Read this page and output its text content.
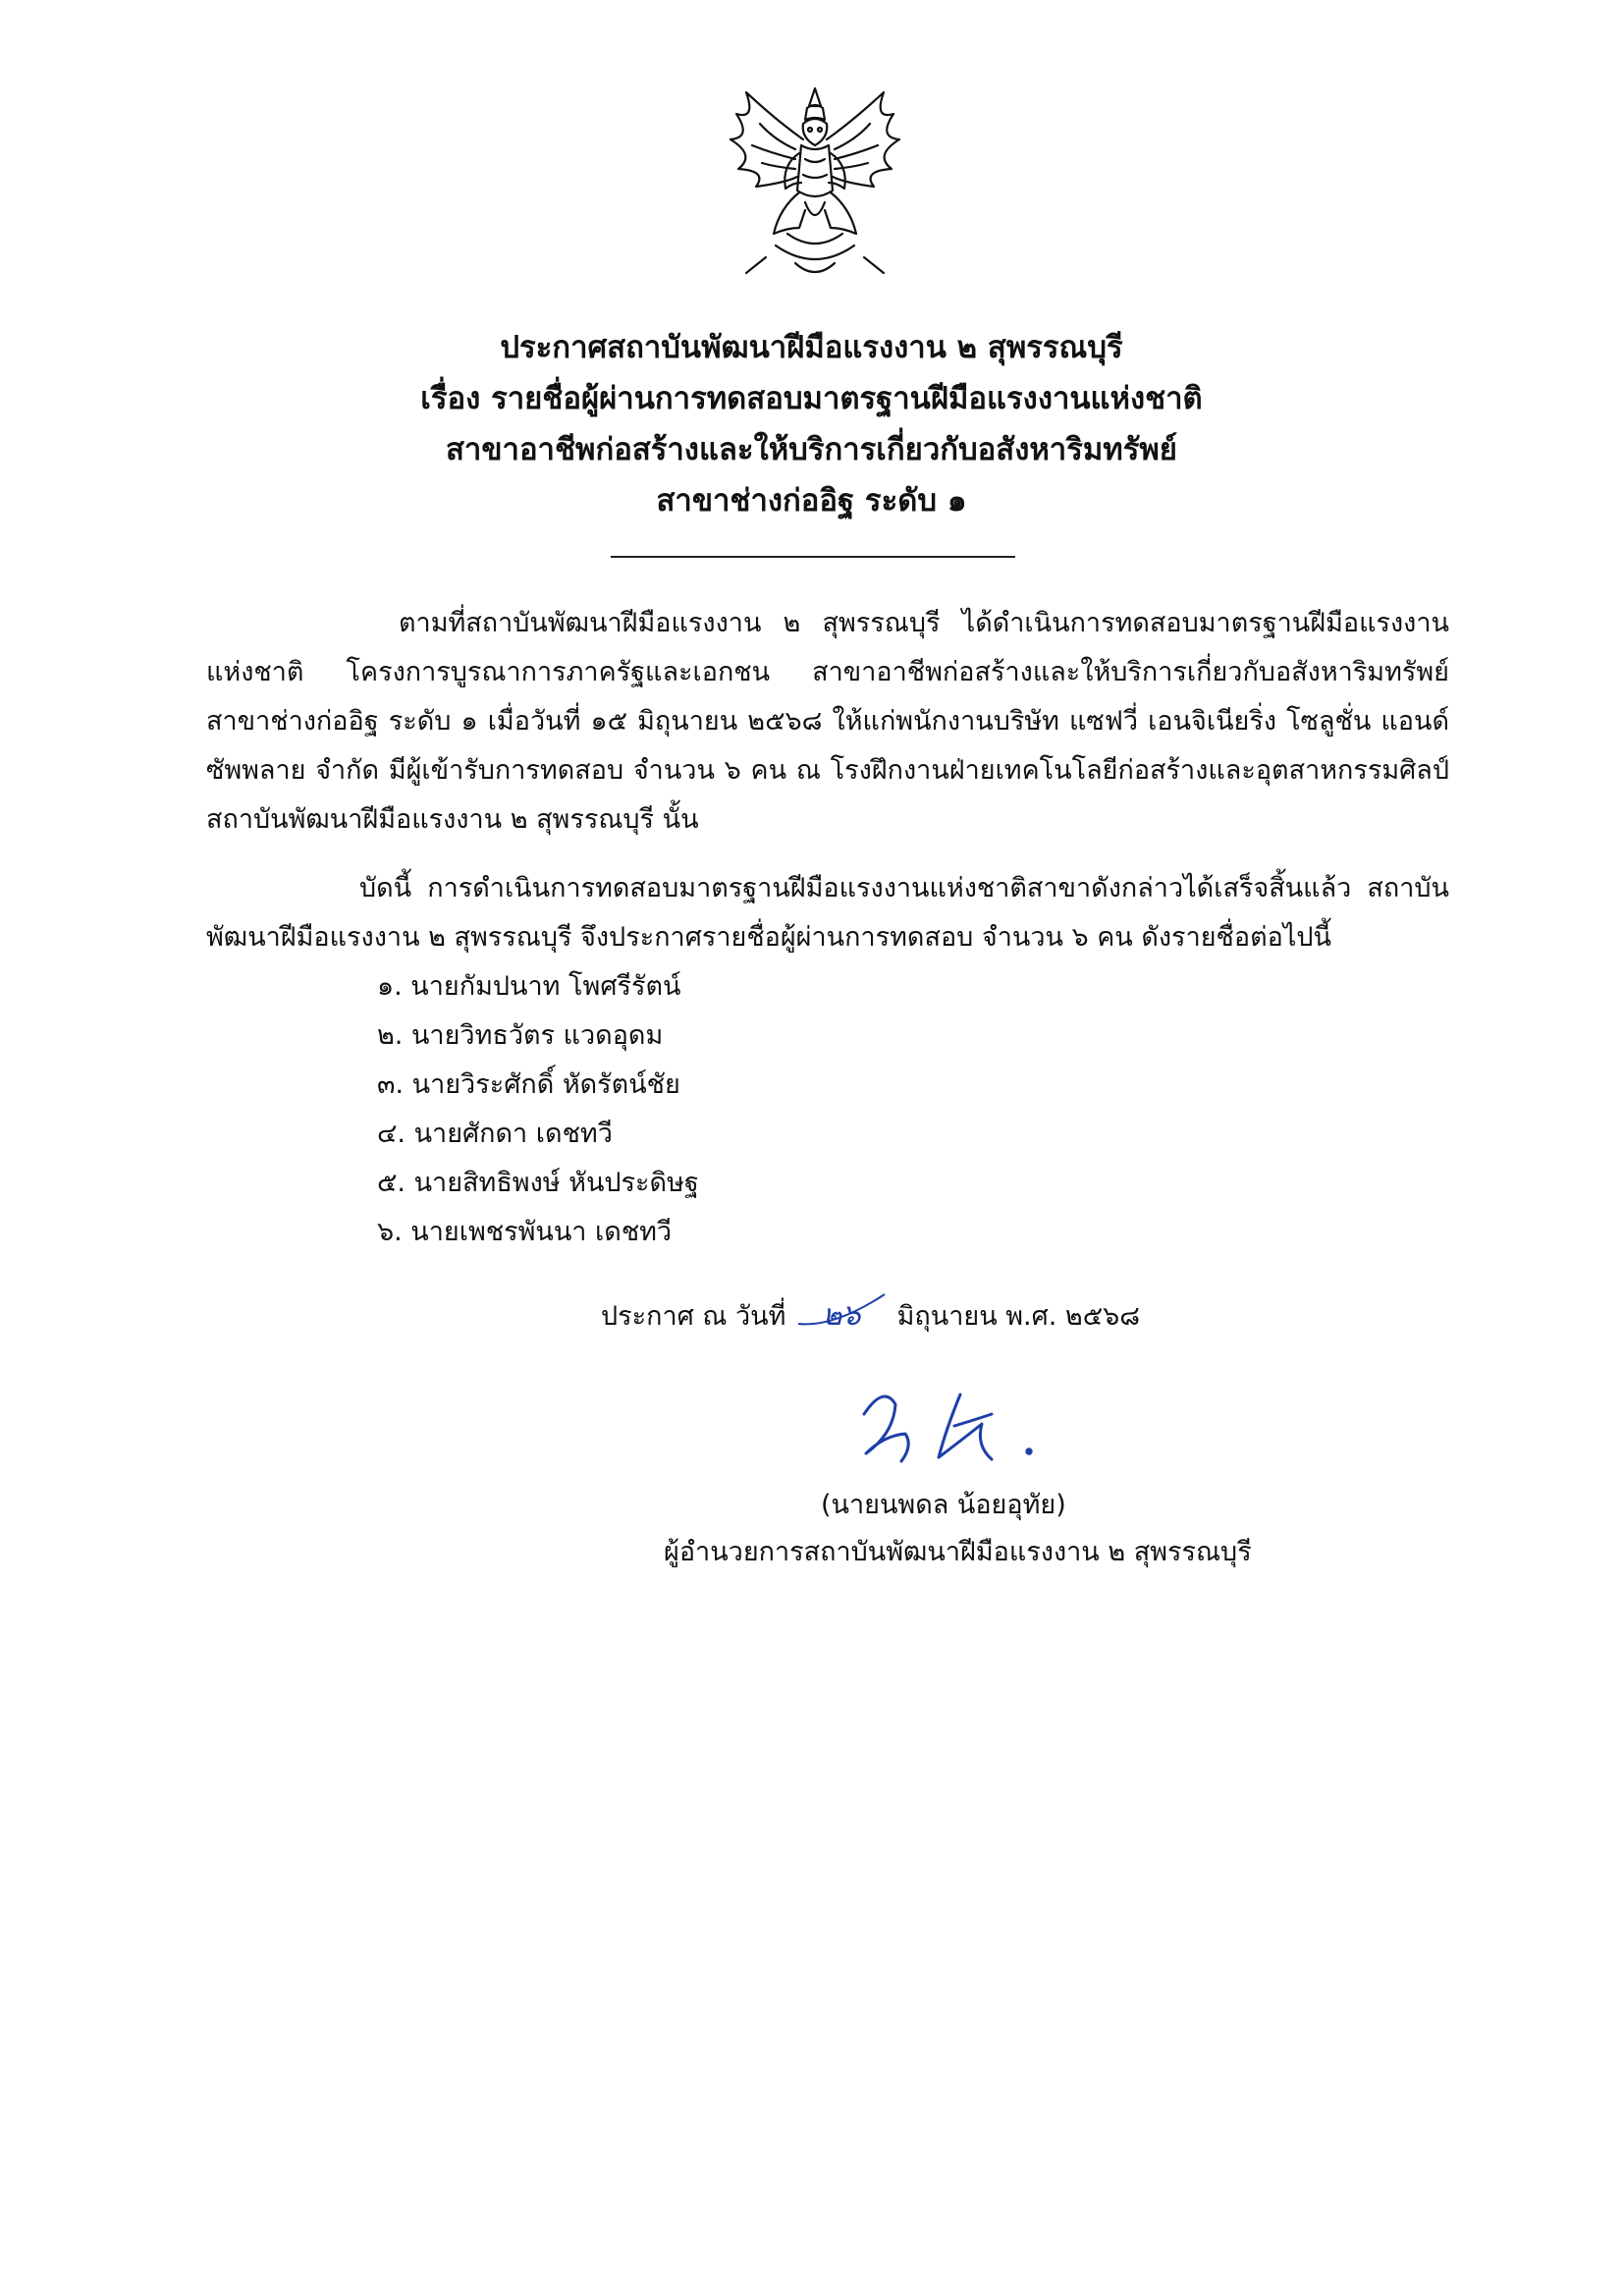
ประกาศสถาบันพัฒนาฝีมือแรงงาน ๒ สุพรรณบุรี

เรื่อง รายชื่อผู้ผ่านการทดสอบมาตรฐานฝีมือแรงงานแห่งชาติ

สาขาอาชีพก่อสร้างและให้บริการเกี่ยวกับอสังหาริมทรัพย์

สาขาช่างก่ออิฐ ระดับ ๑

ตามที่สถาบันพัฒนาฝีมือแรงงาน ๒ สุพรรณบุรี ได้ดำเนินการทดสอบมาตรฐานฝีมือแรงงานแห่งชาติ โครงการบูรณาการภาครัฐและเอกชน สาขาอาชีพก่อสร้างและให้บริการเกี่ยวกับอสังหาริมทรัพย์ สาขาช่างก่ออิฐ ระดับ ๑ เมื่อวันที่ ๑๕ มิถุนายน ๒๕๖๘ ให้แก่พนักงานบริษัท แซฟวี่ เอนจิเนียริ่ง โซลูชั่น แอนด์ ซัพพลาย จำกัด มีผู้เข้ารับการทดสอบ จำนวน ๖ คน ณ โรงฝึกงานฝ่ายเทคโนโลยีก่อสร้างและอุตสาหกรรมศิลป์ สถาบันพัฒนาฝีมือแรงงาน ๒ สุพรรณบุรี นั้น

บัดนี้ การดำเนินการทดสอบมาตรฐานฝีมือแรงงานแห่งชาติสาขาดังกล่าวได้เสร็จสิ้นแล้ว สถาบันพัฒนาฝีมือแรงงาน ๒ สุพรรณบุรี จึงประกาศรายชื่อผู้ผ่านการทดสอบ จำนวน ๖ คน ดังรายชื่อต่อไปนี้

๑. นายกัมปนาท โพศรีรัตน์
๒. นายวิทธวัตร แวดอุดม
๓. นายวิระศักดิ์ หัดรัตน์ชัย
๔. นายศักดา เดชทวี
๕. นายสิทธิพงษ์ หันประดิษฐ
๖. นายเพชรพันนา เดชทวี
ประกาศ ณ วันที่ ๒๖ มิถุนายน พ.ศ. ๒๕๖๘
(นายนพดล น้อยอุทัย)
ผู้อำนวยการสถาบันพัฒนาฝีมือแรงงาน ๒ สุพรรณบุรี
